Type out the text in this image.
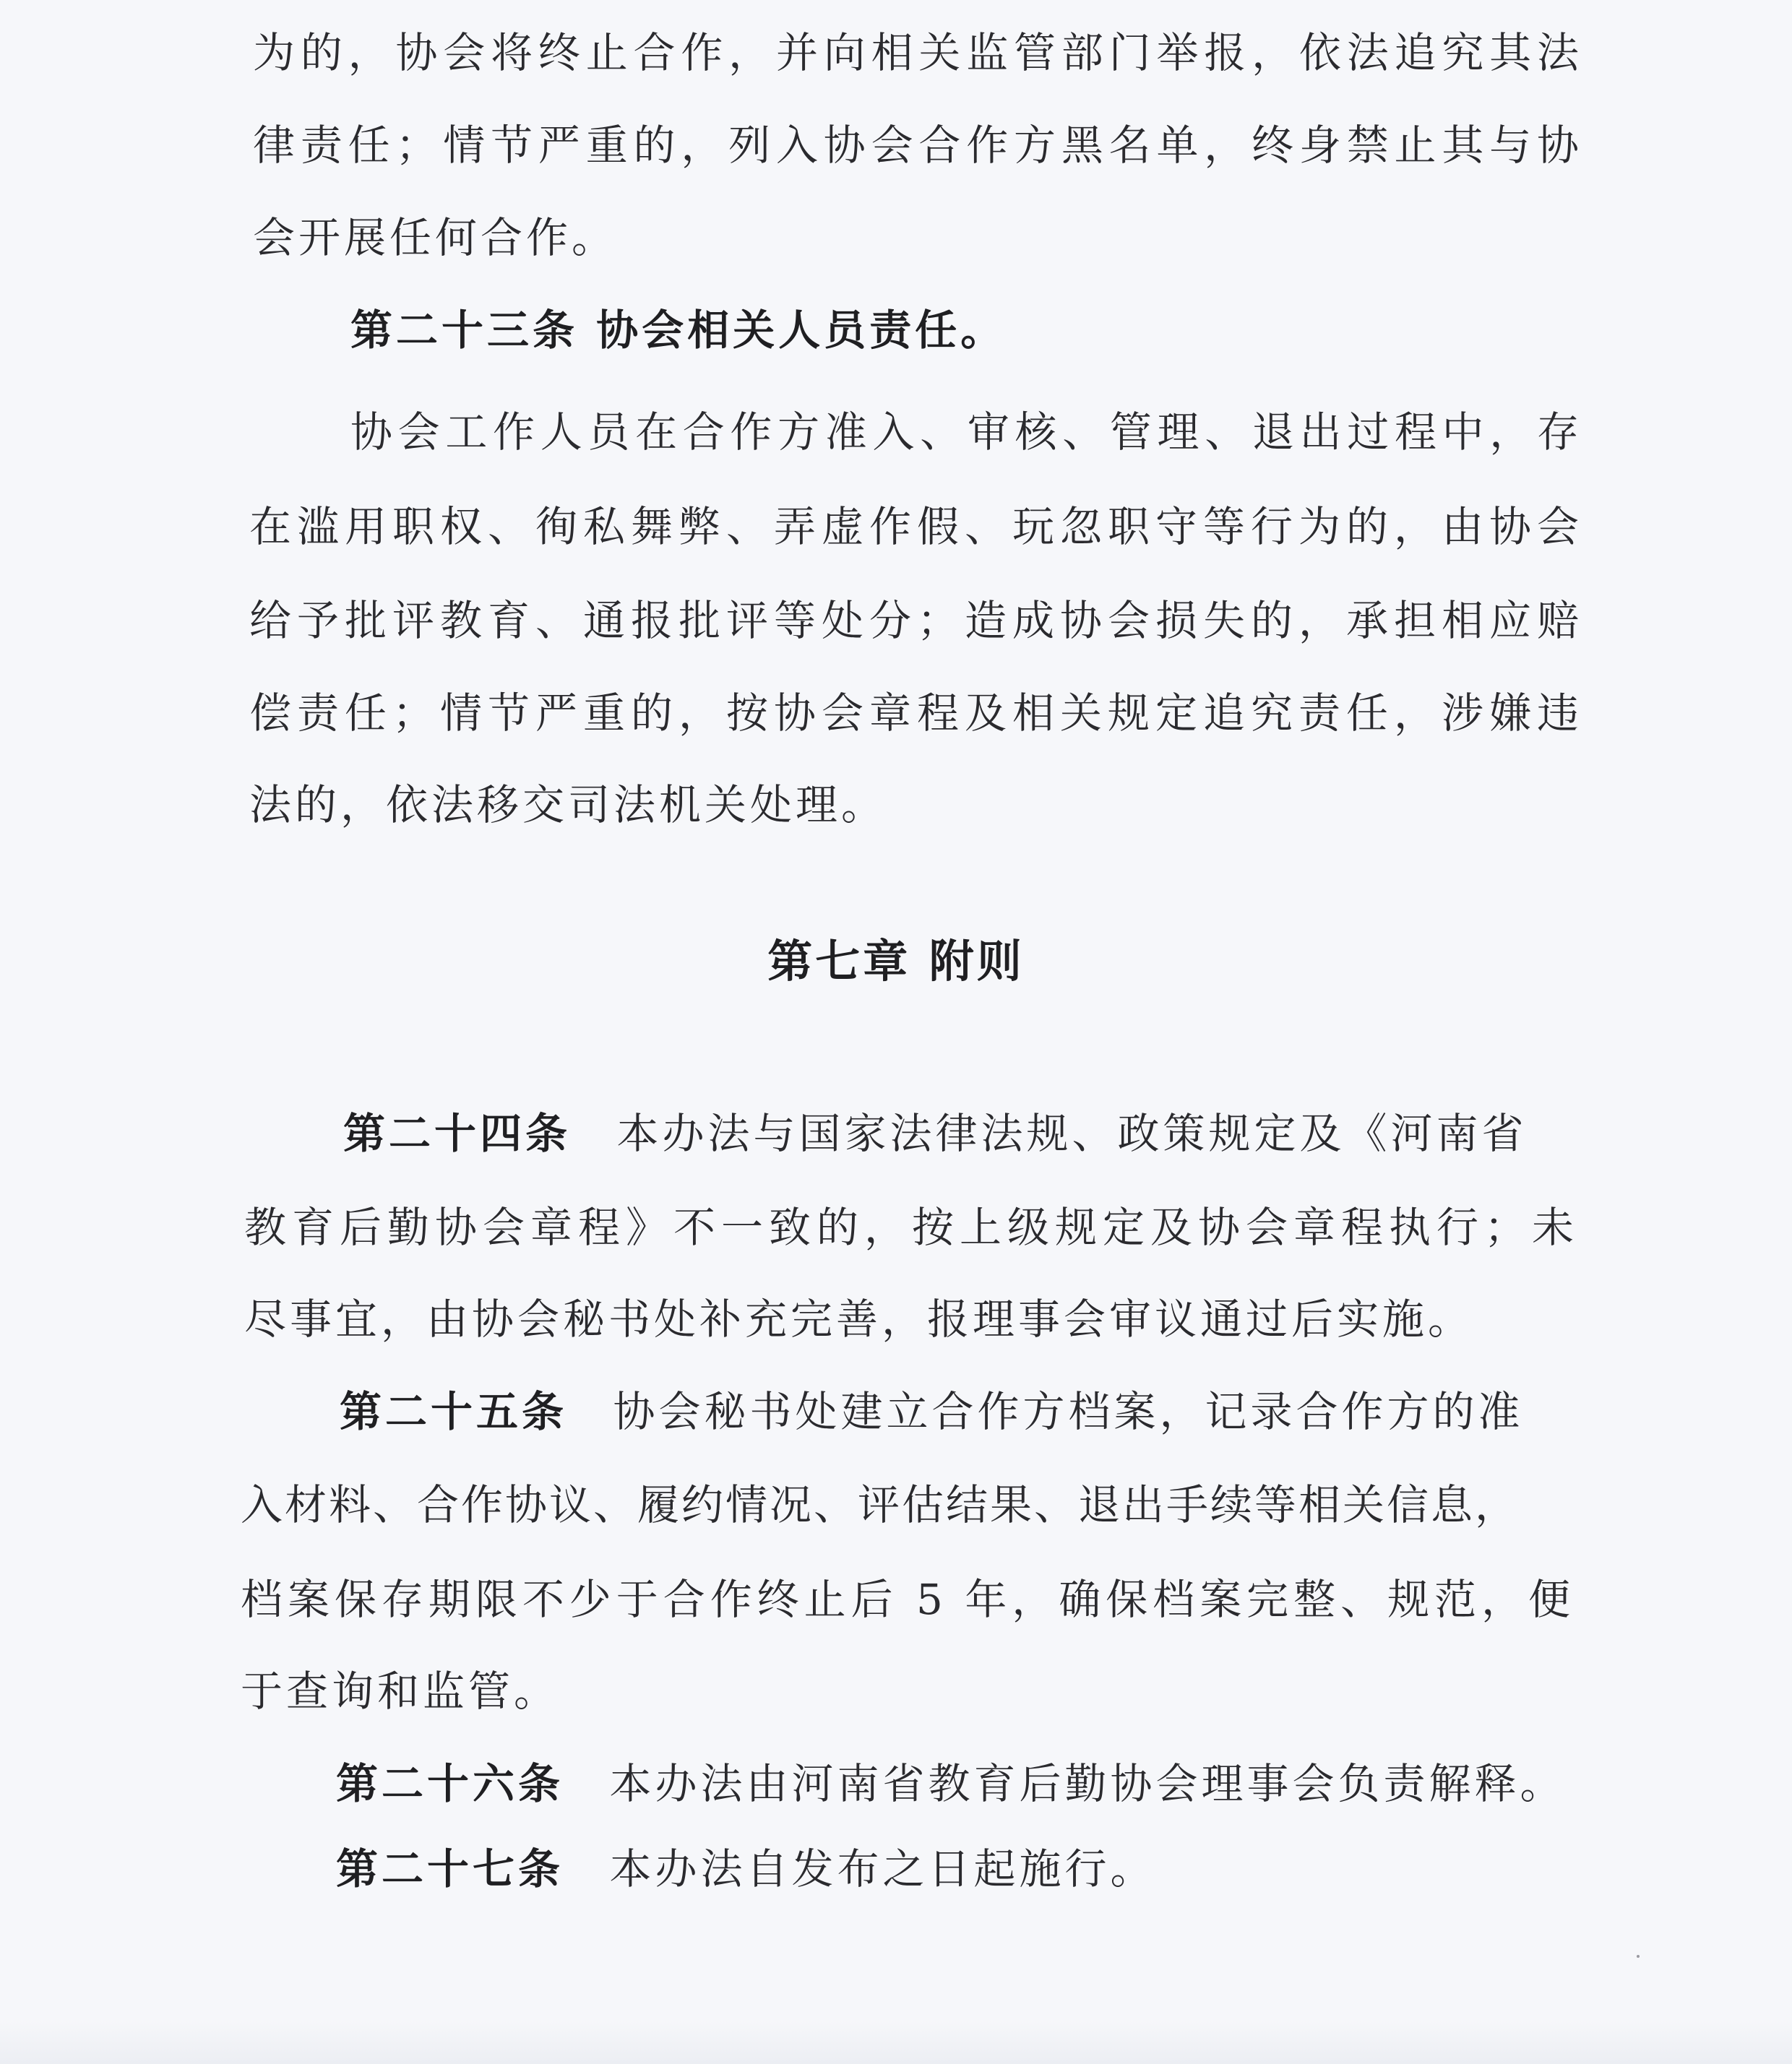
为的，协会将终止合作，并向相关监管部门举报，依法追究其法
律责任；情节严重的，列入协会合作方黑名单，终身禁止其与协
会开展任何合作。
第二十三条 协会相关人员责任。
协会工作人员在合作方准入、审核、管理、退出过程中，存
在滥用职权、徇私舞弊、弄虚作假、玩忽职守等行为的，由协会
给予批评教育、通报批评等处分；造成协会损失的，承担相应赔
偿责任；情节严重的，按协会章程及相关规定追究责任，涉嫌违
法的，依法移交司法机关处理。
第七章 附则
第二十四条 本办法与国家法律法规、政策规定及《河南省
教育后勤协会章程》不一致的，按上级规定及协会章程执行；未
尽事宜，由协会秘书处补充完善，报理事会审议通过后实施。
第二十五条 协会秘书处建立合作方档案，记录合作方的准
入材料、合作协议、履约情况、评估结果、退出手续等相关信息，
档案保存期限不少于合作终止后 5 年，确保档案完整、规范，便
于查询和监管。
第二十六条 本办法由河南省教育后勤协会理事会负责解释。
第二十七条 本办法自发布之日起施行。
